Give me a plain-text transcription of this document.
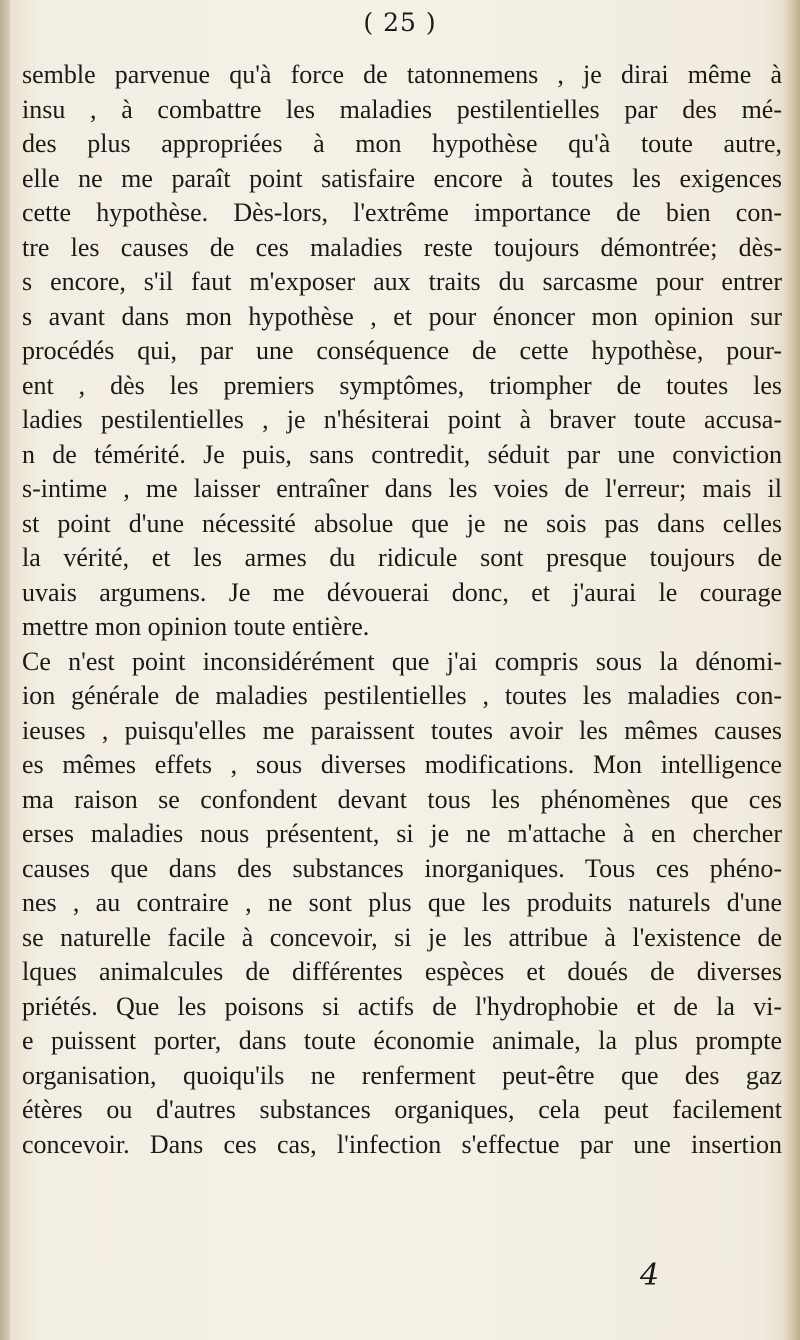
( 25 )
semble parvenue qu'à force de tatonnemens , je dirai même à
insu , à combattre les maladies pestilentielles par des mé-
des plus appropriées à mon hypothèse qu'à toute autre,
elle ne me paraît point satisfaire encore à toutes les exigences
cette hypothèse. Dès-lors, l'extrême importance de bien con-
tre les causes de ces maladies reste toujours démontrée; dès-
s encore, s'il faut m'exposer aux traits du sarcasme pour entrer
s avant dans mon hypothèse , et pour énoncer mon opinion sur
procédés qui, par une conséquence de cette hypothèse, pour-
ent , dès les premiers symptômes, triompher de toutes les
ladies pestilentielles , je n'hésiterai point à braver toute accusa-
n de témérité. Je puis, sans contredit, séduit par une conviction
s-intime , me laisser entraîner dans les voies de l'erreur; mais il
st point d'une nécessité absolue que je ne sois pas dans celles
la vérité, et les armes du ridicule sont presque toujours de
uvais argumens. Je me dévouerai donc, et j'aurai le courage
mettre mon opinion toute entière.
Ce n'est point inconsidérément que j'ai compris sous la dénomi-
ion générale de maladies pestilentielles , toutes les maladies con-
ieuses , puisqu'elles me paraissent toutes avoir les mêmes causes
es mêmes effets , sous diverses modifications. Mon intelligence
ma raison se confondent devant tous les phénomènes que ces
erses maladies nous présentent, si je ne m'attache à en chercher
causes que dans des substances inorganiques. Tous ces phéno-
nes , au contraire , ne sont plus que les produits naturels d'une
se naturelle facile à concevoir, si je les attribue à l'existence de
lques animalcules de différentes espèces et doués de diverses
priétés. Que les poisons si actifs de l'hydrophobie et de la vi-
e puissent porter, dans toute économie animale, la plus prompte
organisation, quoiqu'ils ne renferment peut-être que des gaz
étères ou d'autres substances organiques, cela peut facilement
concevoir. Dans ces cas, l'infection s'effectue par une insertion
4
